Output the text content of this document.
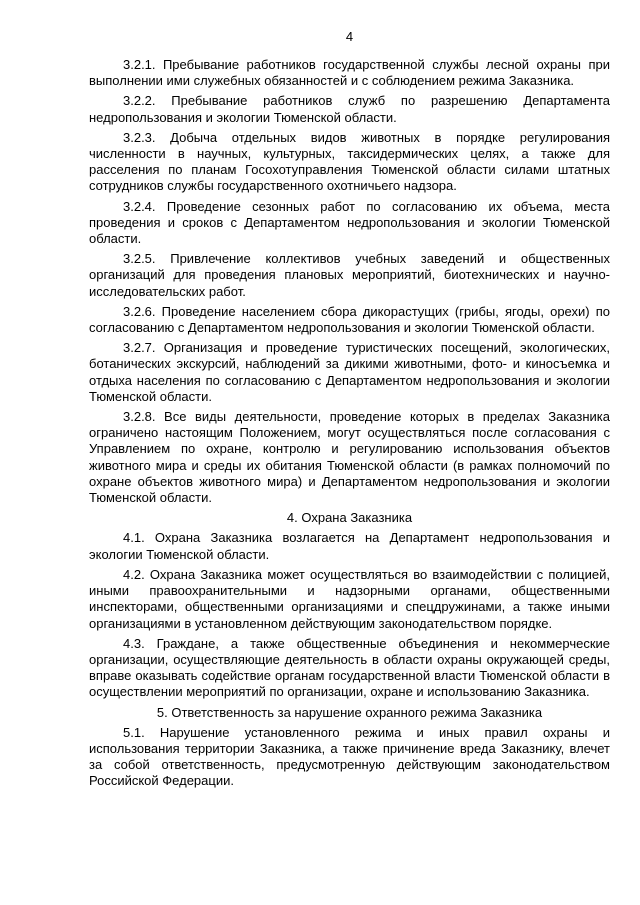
4

3.2.1. Пребывание работников государственной службы лесной охраны при выполнении ими служебных обязанностей и с соблюдением режима Заказника.

3.2.2. Пребывание работников служб по разрешению Департамента недропользования и экологии Тюменской области.

3.2.3. Добыча отдельных видов животных в порядке регулирования численности в научных, культурных, таксидермических целях, а также для расселения по планам Госохотуправления Тюменской области силами штатных сотрудников службы государственного охотничьего надзора.

3.2.4. Проведение сезонных работ по согласованию их объема, места проведения и сроков с Департаментом недропользования и экологии Тюменской области.

3.2.5. Привлечение коллективов учебных заведений и общественных организаций для проведения плановых мероприятий, биотехнических и научно-исследовательских работ.

3.2.6. Проведение населением сбора дикорастущих (грибы, ягоды, орехи) по согласованию с Департаментом недропользования и экологии Тюменской области.

3.2.7. Организация и проведение туристических посещений, экологических, ботанических экскурсий, наблюдений за дикими животными, фото- и киносъемка и отдыха населения по согласованию с Департаментом недропользования и экологии Тюменской области.

3.2.8. Все виды деятельности, проведение которых в пределах Заказника ограничено настоящим Положением, могут осуществляться после согласования с Управлением по охране, контролю и регулированию использования объектов животного мира и среды их обитания Тюменской области (в рамках полномочий по охране объектов животного мира) и Департаментом недропользования и экологии Тюменской области.

4. Охрана Заказника

4.1. Охрана Заказника возлагается на Департамент недропользования и экологии Тюменской области.

4.2. Охрана Заказника может осуществляться во взаимодействии с полицией, иными правоохранительными и надзорными органами, общественными инспекторами, общественными организациями и спецдружинами, а также иными организациями в установленном действующим законодательством порядке.

4.3. Граждане, а также общественные объединения и некоммерческие организации, осуществляющие деятельность в области охраны окружающей среды, вправе оказывать содействие органам государственной власти Тюменской области в осуществлении мероприятий по организации, охране и использованию Заказника.

5. Ответственность за нарушение охранного режима Заказника

5.1. Нарушение установленного режима и иных правил охраны и использования территории Заказника, а также причинение вреда Заказнику, влечет за собой ответственность, предусмотренную действующим законодательством Российской Федерации.
